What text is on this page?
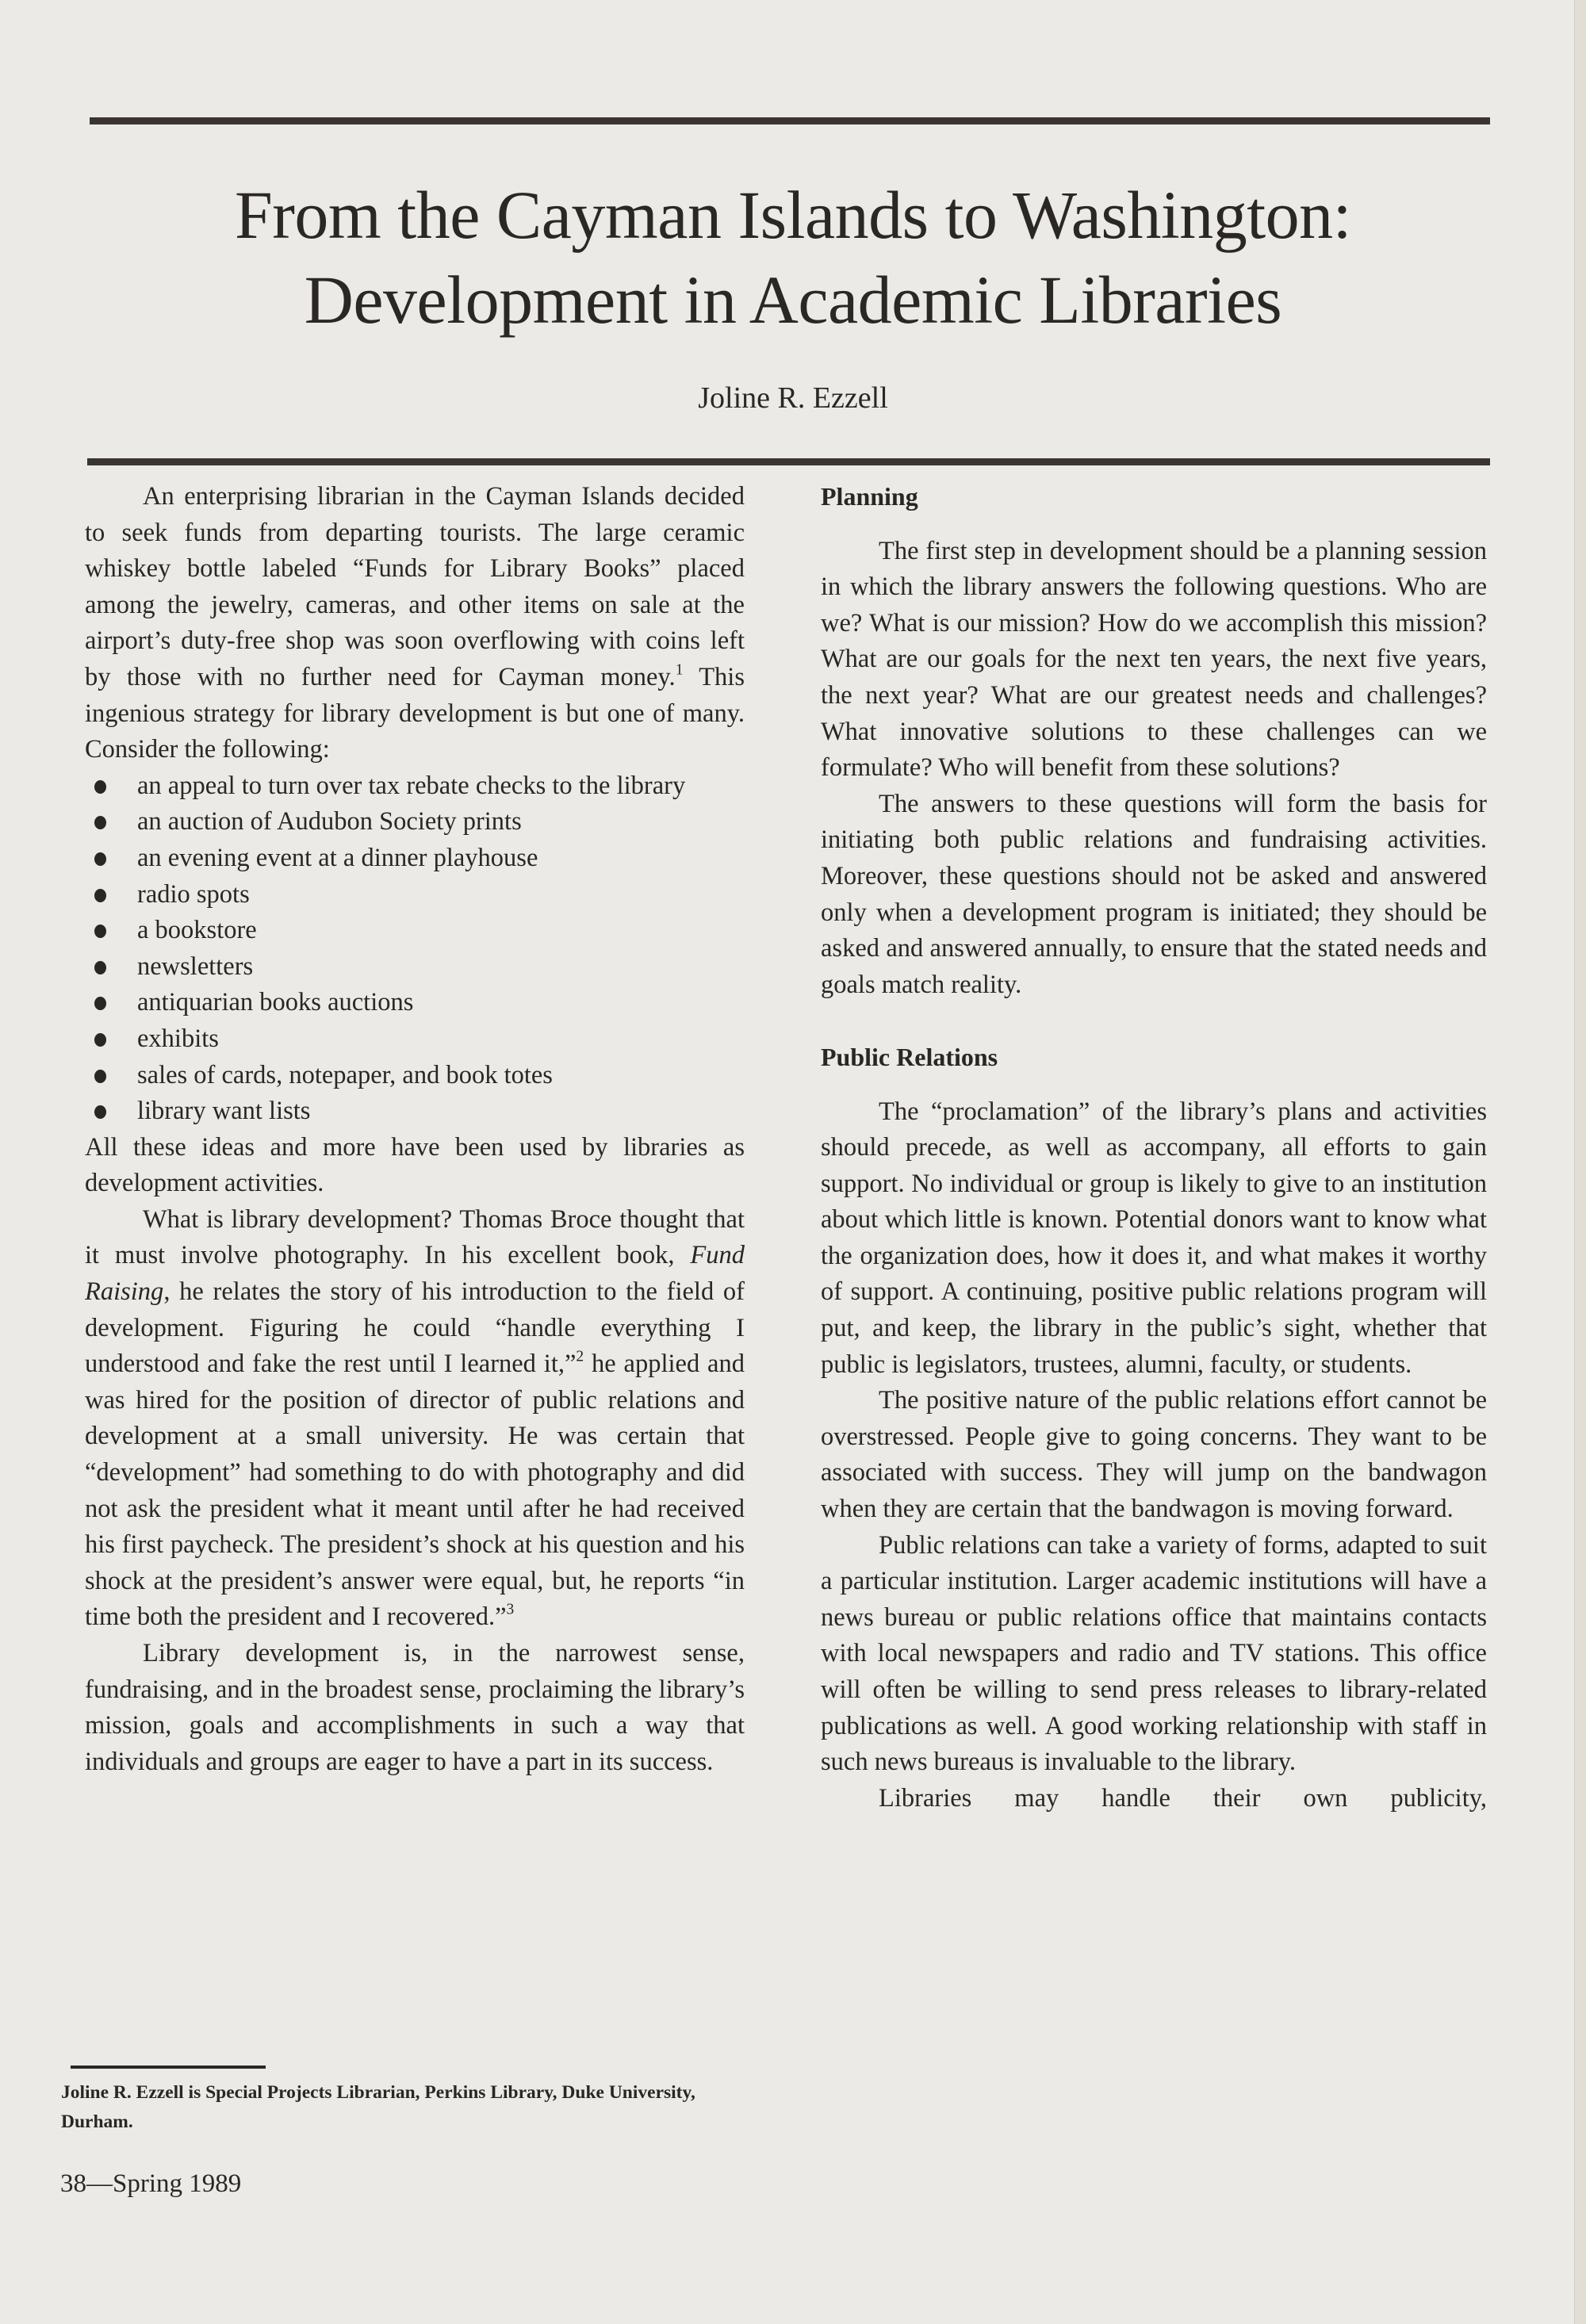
From the Cayman Islands to Washington:
Development in Academic Libraries
Joline R. Ezzell

An enterprising librarian in the Cayman Islands decided to seek funds from departing tourists. The large ceramic whiskey bottle labeled “Funds for Library Books” placed among the jewelry, cameras, and other items on sale at the airport’s duty-free shop was soon overflowing with coins left by those with no further need for Cayman money.$^1$ This ingenious strategy for library development is but one of many. Consider the following:

an appeal to turn over tax rebate checks to the library
an auction of Audubon Society prints
an evening event at a dinner playhouse
radio spots
a bookstore
newsletters
antiquarian books auctions
exhibits
sales of cards, notepaper, and book totes
library want lists

All these ideas and more have been used by libraries as development activities.

What is library development? Thomas Broce thought that it must involve photography. In his excellent book, Fund Raising, he relates the story of his introduction to the field of development. Figuring he could “handle everything I understood and fake the rest until I learned it,”$^2$ he applied and was hired for the position of director of public relations and development at a small university. He was certain that “development” had something to do with photography and did not ask the president what it meant until after he had received his first paycheck. The president’s shock at his question and his shock at the president’s answer were equal, but, he reports “in time both the president and I recovered.”$^3$

Library development is, in the narrowest sense, fundraising, and in the broadest sense, proclaiming the library’s mission, goals and accomplishments in such a way that individuals and groups are eager to have a part in its success.

Joline R. Ezzell is Special Projects Librarian, Perkins Library, Duke University, Durham.
38—Spring 1989
Planning

The first step in development should be a planning session in which the library answers the following questions. Who are we? What is our mission? How do we accomplish this mission? What are our goals for the next ten years, the next five years, the next year? What are our greatest needs and challenges? What innovative solutions to these challenges can we formulate? Who will benefit from these solutions?

The answers to these questions will form the basis for initiating both public relations and fundraising activities. Moreover, these questions should not be asked and answered only when a development program is initiated; they should be asked and answered annually, to ensure that the stated needs and goals match reality.

Public Relations

The “proclamation” of the library’s plans and activities should precede, as well as accompany, all efforts to gain support. No individual or group is likely to give to an institution about which little is known. Potential donors want to know what the organization does, how it does it, and what makes it worthy of support. A continuing, positive public relations program will put, and keep, the library in the public’s sight, whether that public is legislators, trustees, alumni, faculty, or students.

The positive nature of the public relations effort cannot be overstressed. People give to going concerns. They want to be associated with success. They will jump on the bandwagon when they are certain that the bandwagon is moving forward.

Public relations can take a variety of forms, adapted to suit a particular institution. Larger academic institutions will have a news bureau or public relations office that maintains contacts with local newspapers and radio and TV stations. This office will often be willing to send press releases to library-related publications as well. A good working relationship with staff in such news bureaus is invaluable to the library.

Libraries may handle their own publicity,
